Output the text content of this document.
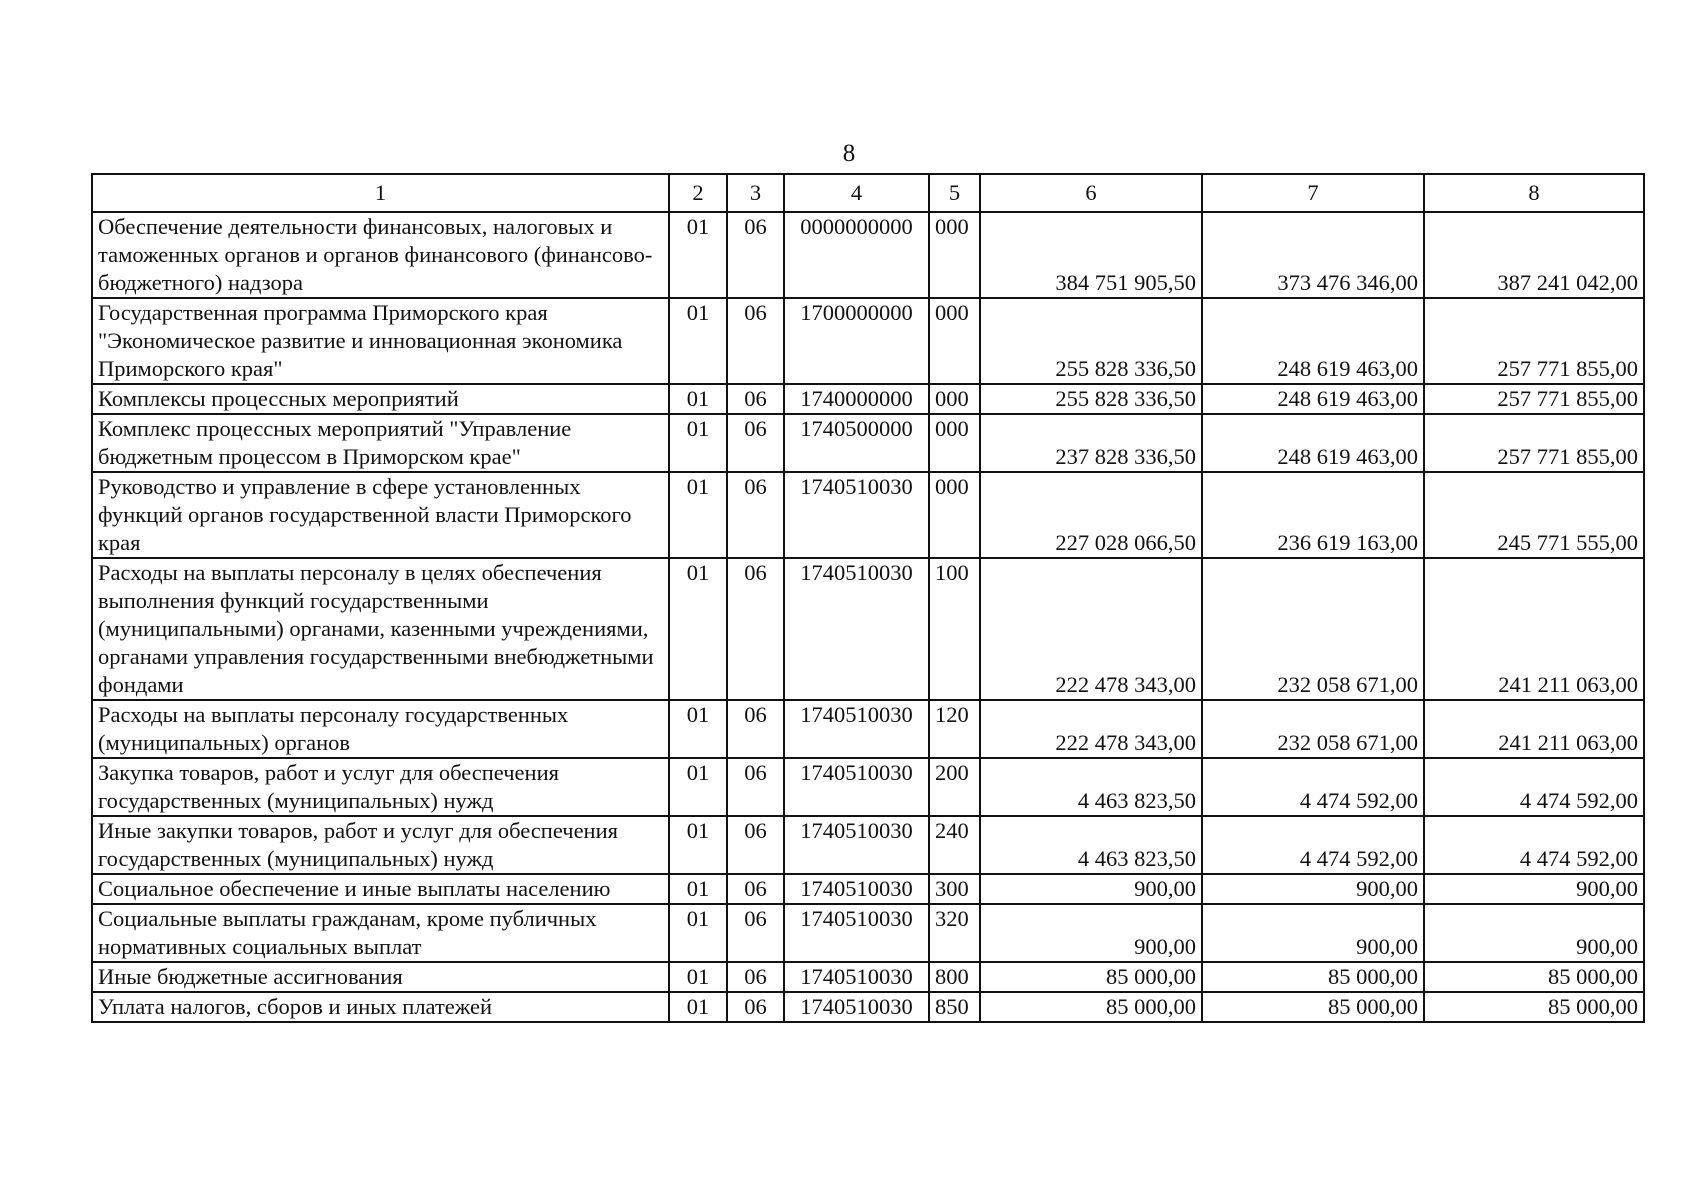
8
1	2	3	4	5	6	7	8
Обеспечение деятельности финансовых, налоговых и таможенных органов и органов финансового (финансово-бюджетного) надзора	01	06	0000000000	000	384 751 905,50	373 476 346,00	387 241 042,00
Государственная программа Приморского края "Экономическое развитие и инновационная экономика Приморского края"	01	06	1700000000	000	255 828 336,50	248 619 463,00	257 771 855,00
Комплексы процессных мероприятий	01	06	1740000000	000	255 828 336,50	248 619 463,00	257 771 855,00
Комплекс процессных мероприятий "Управление бюджетным процессом в Приморском крае"	01	06	1740500000	000	237 828 336,50	248 619 463,00	257 771 855,00
Руководство и управление в сфере установленных функций органов государственной власти Приморского края	01	06	1740510030	000	227 028 066,50	236 619 163,00	245 771 555,00
Расходы на выплаты персоналу в целях обеспечения выполнения функций государственными (муниципальными) органами, казенными учреждениями, органами управления государственными внебюджетными фондами	01	06	1740510030	100	222 478 343,00	232 058 671,00	241 211 063,00
Расходы на выплаты персоналу государственных (муниципальных) органов	01	06	1740510030	120	222 478 343,00	232 058 671,00	241 211 063,00
Закупка товаров, работ и услуг для обеспечения государственных (муниципальных) нужд	01	06	1740510030	200	4 463 823,50	4 474 592,00	4 474 592,00
Иные закупки товаров, работ и услуг для обеспечения государственных (муниципальных) нужд	01	06	1740510030	240	4 463 823,50	4 474 592,00	4 474 592,00
Социальное обеспечение и иные выплаты населению	01	06	1740510030	300	900,00	900,00	900,00
Социальные выплаты гражданам, кроме публичных нормативных социальных выплат	01	06	1740510030	320	900,00	900,00	900,00
Иные бюджетные ассигнования	01	06	1740510030	800	85 000,00	85 000,00	85 000,00
Уплата налогов, сборов и иных платежей	01	06	1740510030	850	85 000,00	85 000,00	85 000,00
